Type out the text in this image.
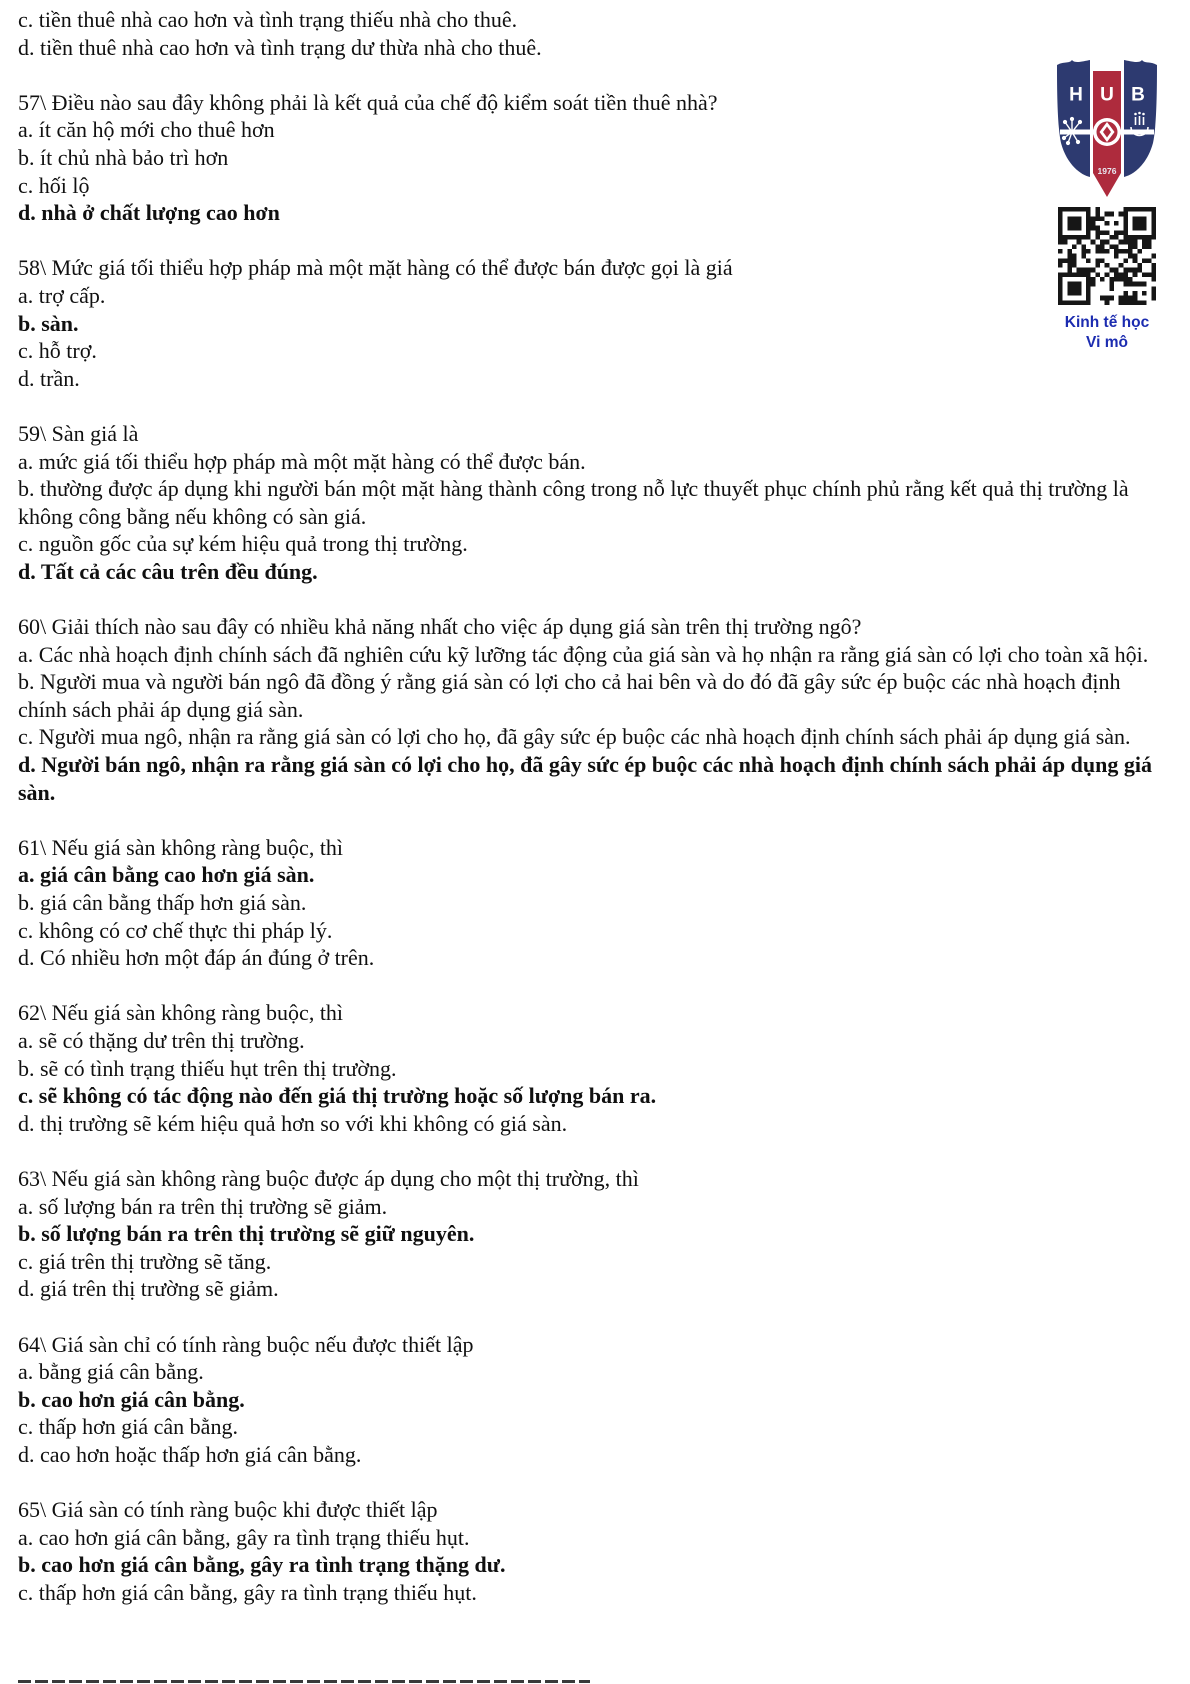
c. tiền thuê nhà cao hơn và tình trạng thiếu nhà cho thuê.

d. tiền thuê nhà cao hơn và tình trạng dư thừa nhà cho thuê.

57\ Điều nào sau đây không phải là kết quả của chế độ kiểm soát tiền thuê nhà?

a. ít căn hộ mới cho thuê hơn

b. ít chủ nhà bảo trì hơn

c. hối lộ

d. nhà ở chất lượng cao hơn

58\ Mức giá tối thiểu hợp pháp mà một mặt hàng có thể được bán được gọi là giá

a. trợ cấp.

b. sàn.

c. hỗ trợ.

d. trần.

59\ Sàn giá là

a. mức giá tối thiểu hợp pháp mà một mặt hàng có thể được bán.

b. thường được áp dụng khi người bán một mặt hàng thành công trong nỗ lực thuyết phục chính phủ rằng kết quả thị trường là không công bằng nếu không có sàn giá.

c. nguồn gốc của sự kém hiệu quả trong thị trường.

d. Tất cả các câu trên đều đúng.

60\ Giải thích nào sau đây có nhiều khả năng nhất cho việc áp dụng giá sàn trên thị trường ngô?

a. Các nhà hoạch định chính sách đã nghiên cứu kỹ lưỡng tác động của giá sàn và họ nhận ra rằng giá sàn có lợi cho toàn xã hội.

b. Người mua và người bán ngô đã đồng ý rằng giá sàn có lợi cho cả hai bên và do đó đã gây sức ép buộc các nhà hoạch định chính sách phải áp dụng giá sàn.

c. Người mua ngô, nhận ra rằng giá sàn có lợi cho họ, đã gây sức ép buộc các nhà hoạch định chính sách phải áp dụng giá sàn.

d. Người bán ngô, nhận ra rằng giá sàn có lợi cho họ, đã gây sức ép buộc các nhà hoạch định chính sách phải áp dụng giá sàn.

61\ Nếu giá sàn không ràng buộc, thì

a. giá cân bằng cao hơn giá sàn.

b. giá cân bằng thấp hơn giá sàn.

c. không có cơ chế thực thi pháp lý.

d. Có nhiều hơn một đáp án đúng ở trên.

62\ Nếu giá sàn không ràng buộc, thì

a. sẽ có thặng dư trên thị trường.

b. sẽ có tình trạng thiếu hụt trên thị trường.

c. sẽ không có tác động nào đến giá thị trường hoặc số lượng bán ra.

d. thị trường sẽ kém hiệu quả hơn so với khi không có giá sàn.

63\ Nếu giá sàn không ràng buộc được áp dụng cho một thị trường, thì

a. số lượng bán ra trên thị trường sẽ giảm.

b. số lượng bán ra trên thị trường sẽ giữ nguyên.

c. giá trên thị trường sẽ tăng.

d. giá trên thị trường sẽ giảm.

64\ Giá sàn chỉ có tính ràng buộc nếu được thiết lập

a. bằng giá cân bằng.

b. cao hơn giá cân bằng.

c. thấp hơn giá cân bằng.

d. cao hơn hoặc thấp hơn giá cân bằng.

65\ Giá sàn có tính ràng buộc khi được thiết lập

a. cao hơn giá cân bằng, gây ra tình trạng thiếu hụt.

b. cao hơn giá cân bằng, gây ra tình trạng thặng dư.

c. thấp hơn giá cân bằng, gây ra tình trạng thiếu hụt.

H U B
1976
Kinh tế học
Vi mô
